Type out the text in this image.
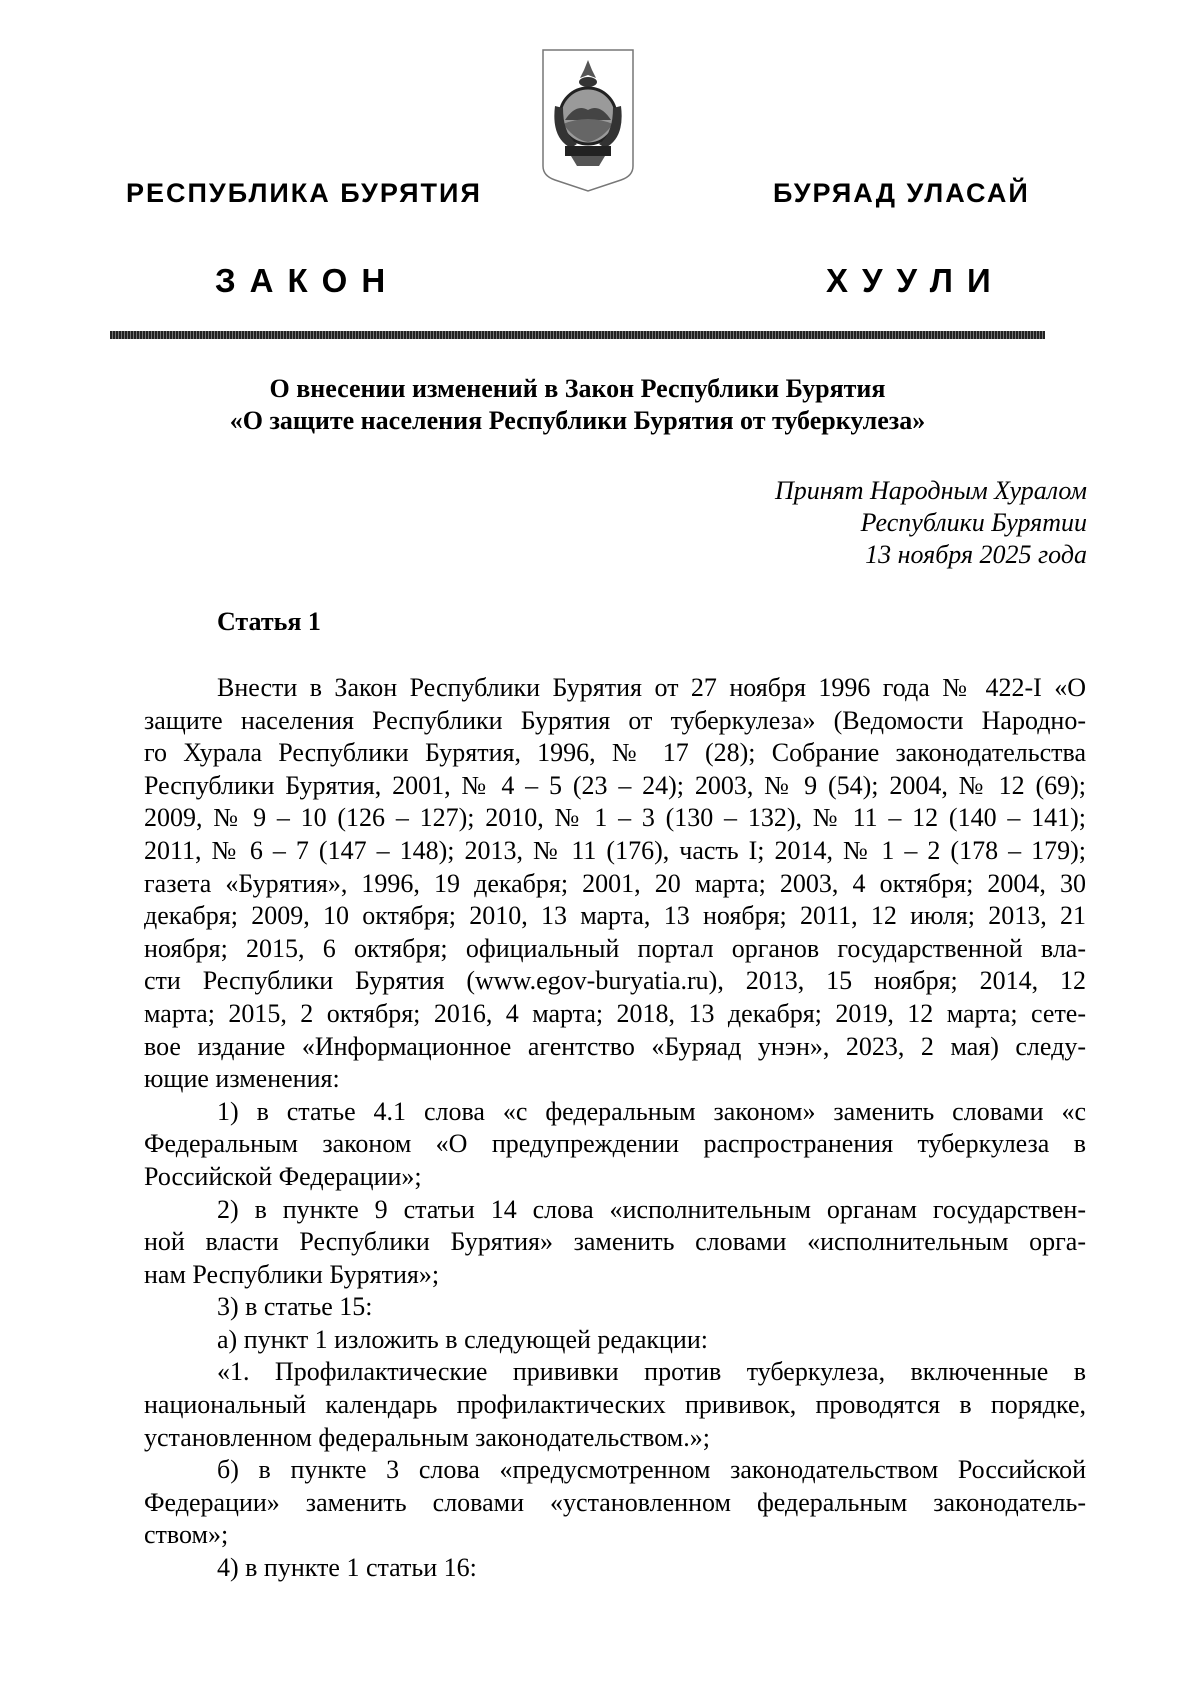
РЕСПУБЛИКА БУРЯТИЯ	БУРЯАД УЛАСАЙ
ЗАКОН	ХУУЛИ
О внесении изменений в Закон Республики Бурятия
«О защите населения Республики Бурятия от туберкулеза»
Принят Народным Хуралом
Республики Бурятии
13 ноября 2025 года
Статья 1
Внести в Закон Республики Бурятия от 27 ноября 1996 года № 422-I «О
защите населения Республики Бурятия от туберкулеза» (Ведомости Народно-
го Хурала Республики Бурятия, 1996, № 17 (28); Собрание законодательства
Республики Бурятия, 2001, № 4 – 5 (23 – 24); 2003, № 9 (54); 2004, № 12 (69);
2009, № 9 – 10 (126 – 127); 2010, № 1 – 3 (130 – 132), № 11 – 12 (140 – 141);
2011, № 6 – 7 (147 – 148); 2013, № 11 (176), часть I; 2014, № 1 – 2 (178 – 179);
газета «Бурятия», 1996, 19 декабря; 2001, 20 марта; 2003, 4 октября; 2004, 30
декабря; 2009, 10 октября; 2010, 13 марта, 13 ноября; 2011, 12 июля; 2013, 21
ноября; 2015, 6 октября; официальный портал органов государственной вла-
сти Республики Бурятия (www.egov-buryatia.ru), 2013, 15 ноября; 2014, 12
марта; 2015, 2 октября; 2016, 4 марта; 2018, 13 декабря; 2019, 12 марта; сете-
вое издание «Информационное агентство «Буряад унэн», 2023, 2 мая) следу-
ющие изменения:
1) в статье 4.1 слова «с федеральным законом» заменить словами «с
Федеральным законом «О предупреждении распространения туберкулеза в
Российской Федерации»;
2) в пункте 9 статьи 14 слова «исполнительным органам государствен-
ной власти Республики Бурятия» заменить словами «исполнительным орга-
нам Республики Бурятия»;
3) в статье 15:
а) пункт 1 изложить в следующей редакции:
«1. Профилактические прививки против туберкулеза, включенные в
национальный календарь профилактических прививок, проводятся в порядке,
установленном федеральным законодательством.»;
б) в пункте 3 слова «предусмотренном законодательством Российской
Федерации» заменить словами «установленном федеральным законодатель-
ством»;
4) в пункте 1 статьи 16:
